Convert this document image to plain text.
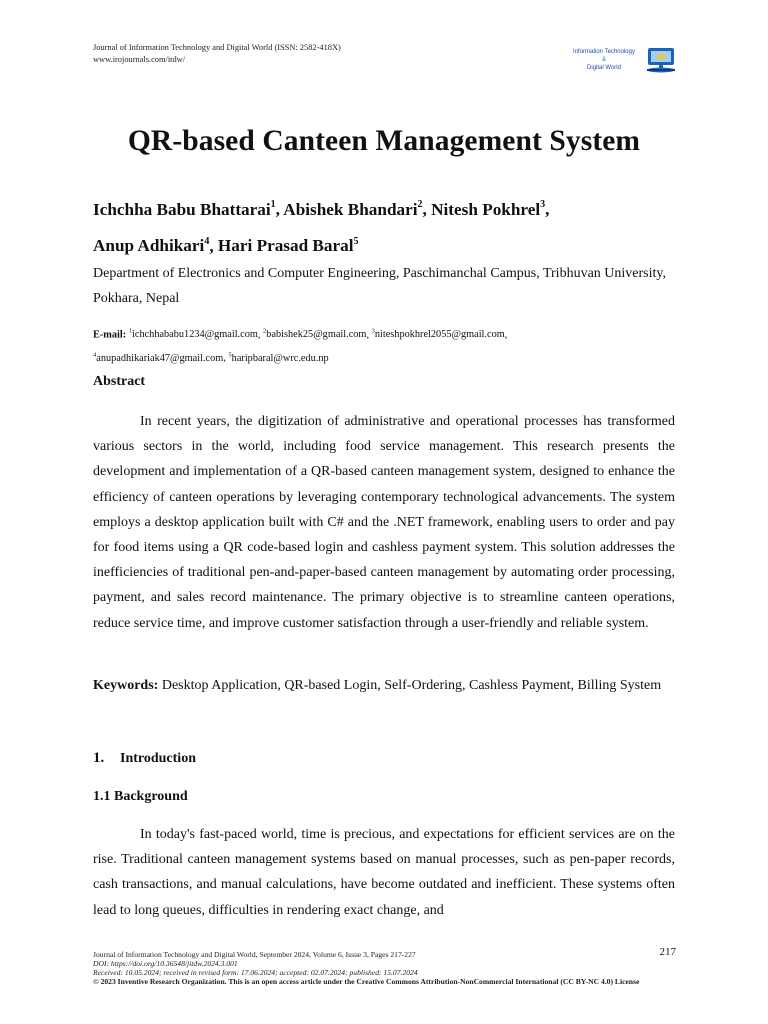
Journal of Information Technology and Digital World (ISSN: 2582-418X)
www.irojournals.com/itdw/
Information Technology
&
Digital World
QR-based Canteen Management System
Ichchha Babu Bhattarai$^1$, Abishek Bhandari$^2$, Nitesh Pokhrel$^3$,
Anup Adhikari$^4$, Hari Prasad Baral$^5$
Department of Electronics and Computer Engineering, Paschimanchal Campus, Tribhuvan University, Pokhara, Nepal
E-mail: $^1$ichchhababu1234@gmail.com, $^2$babishek25@gmail.com, $^3$niteshpokhrel2055@gmail.com,
$^4$anupadhikariak47@gmail.com, $^5$haripbaral@wrc.edu.np
Abstract
In recent years, the digitization of administrative and operational processes has transformed various sectors in the world, including food service management. This research presents the development and implementation of a QR-based canteen management system, designed to enhance the efficiency of canteen operations by leveraging contemporary technological advancements. The system employs a desktop application built with C# and the .NET framework, enabling users to order and pay for food items using a QR code-based login and cashless payment system. This solution addresses the inefficiencies of traditional pen-and-paper-based canteen management by automating order processing, payment, and sales record maintenance. The primary objective is to streamline canteen operations, reduce service time, and improve customer satisfaction through a user-friendly and reliable system.
Keywords: Desktop Application, QR-based Login, Self-Ordering, Cashless Payment, Billing System
1. Introduction
1.1 Background
In today's fast-paced world, time is precious, and expectations for efficient services are on the rise. Traditional canteen management systems based on manual processes, such as pen-paper records, cash transactions, and manual calculations, have become outdated and inefficient. These systems often lead to long queues, difficulties in rendering exact change, and
Journal of Information Technology and Digital World, September 2024, Volume 6, Issue 3, Pages 217-227
DOI: https://doi.org/10.36548/jitdw.2024.3.001
Received: 10.05.2024; received in revised form: 17.06.2024; accepted: 02.07.2024; published: 15.07.2024
© 2023 Inventive Research Organization. This is an open access article under the Creative Commons Attribution-NonCommercial International (CC BY-NC 4.0) License
217
